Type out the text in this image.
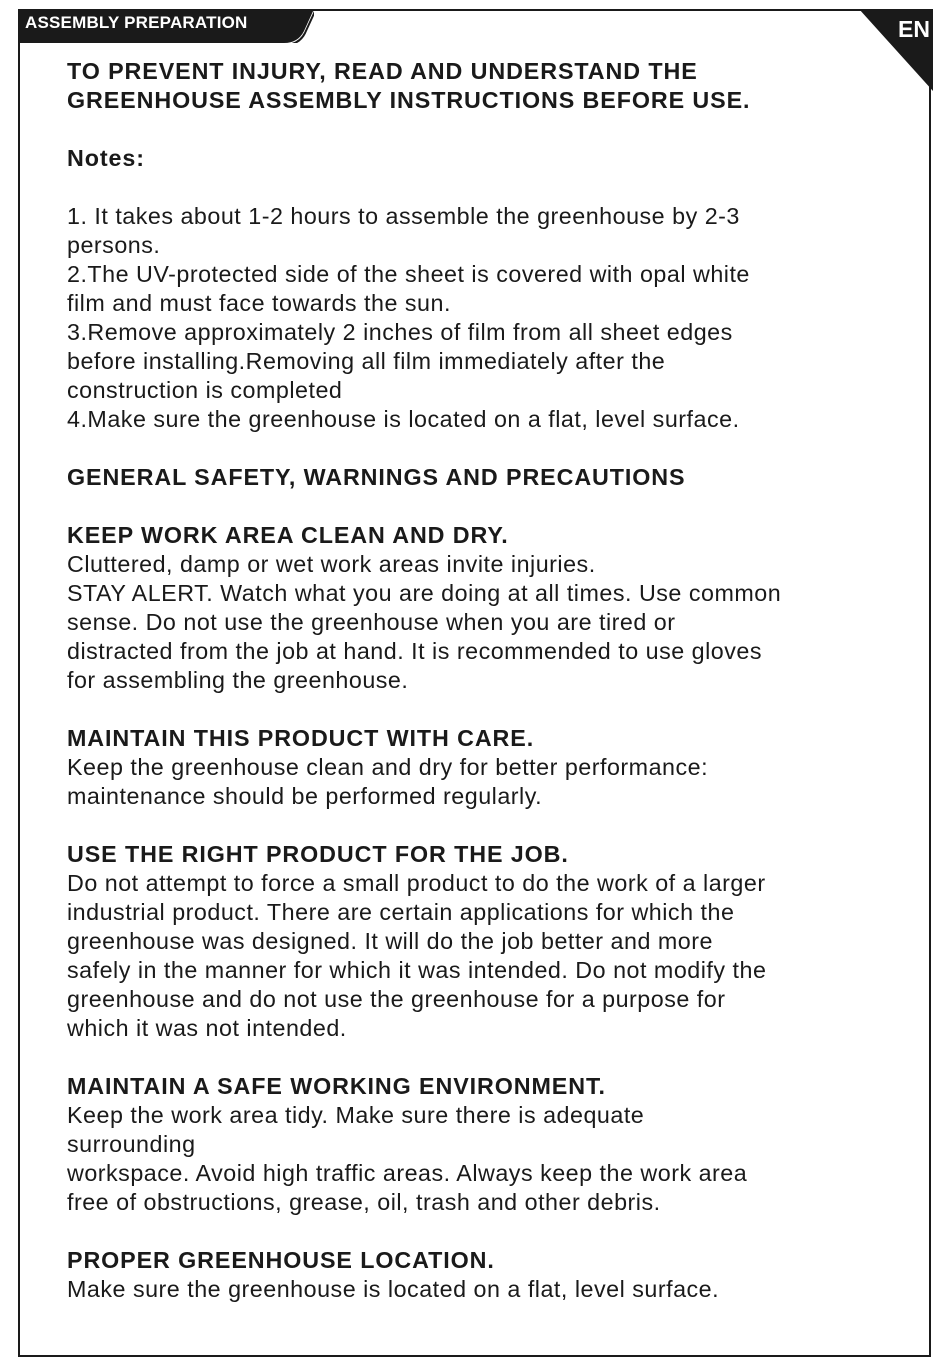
ASSEMBLY PREPARATION	EN

TO PREVENT INJURY, READ AND UNDERSTAND THE

GREENHOUSE ASSEMBLY INSTRUCTIONS BEFORE USE.

Notes:

1. It takes about 1-2 hours to assemble the greenhouse by 2-3

persons.

2.The UV-protected side of the sheet is covered with opal white

film and must face towards the sun.

3.Remove approximately 2 inches of film from all sheet edges

before installing.Removing all film immediately after the

construction is completed

4.Make sure the greenhouse is located on a flat, level surface.

GENERAL SAFETY, WARNINGS AND PRECAUTIONS

KEEP WORK AREA CLEAN AND DRY.

Cluttered, damp or wet work areas invite injuries.

STAY ALERT. Watch what you are doing at all times. Use common

sense. Do not use the greenhouse when you are tired or

distracted from the job at hand. It is recommended to use gloves

for assembling the greenhouse.

MAINTAIN THIS PRODUCT WITH CARE.

Keep the greenhouse clean and dry for better performance:

maintenance should be performed regularly.

USE THE RIGHT PRODUCT FOR THE JOB.

Do not attempt to force a small product to do the work of a larger

industrial product. There are certain applications for which the

greenhouse was designed. It will do the job better and more

safely in the manner for which it was intended. Do not modify the

greenhouse and do not use the greenhouse for a purpose for

which it was not intended.

MAINTAIN A SAFE WORKING ENVIRONMENT.

Keep the work area tidy. Make sure there is adequate

surrounding

workspace. Avoid high traffic areas. Always keep the work area

free of obstructions, grease, oil, trash and other debris.

PROPER GREENHOUSE LOCATION.

Make sure the greenhouse is located on a flat, level surface.
